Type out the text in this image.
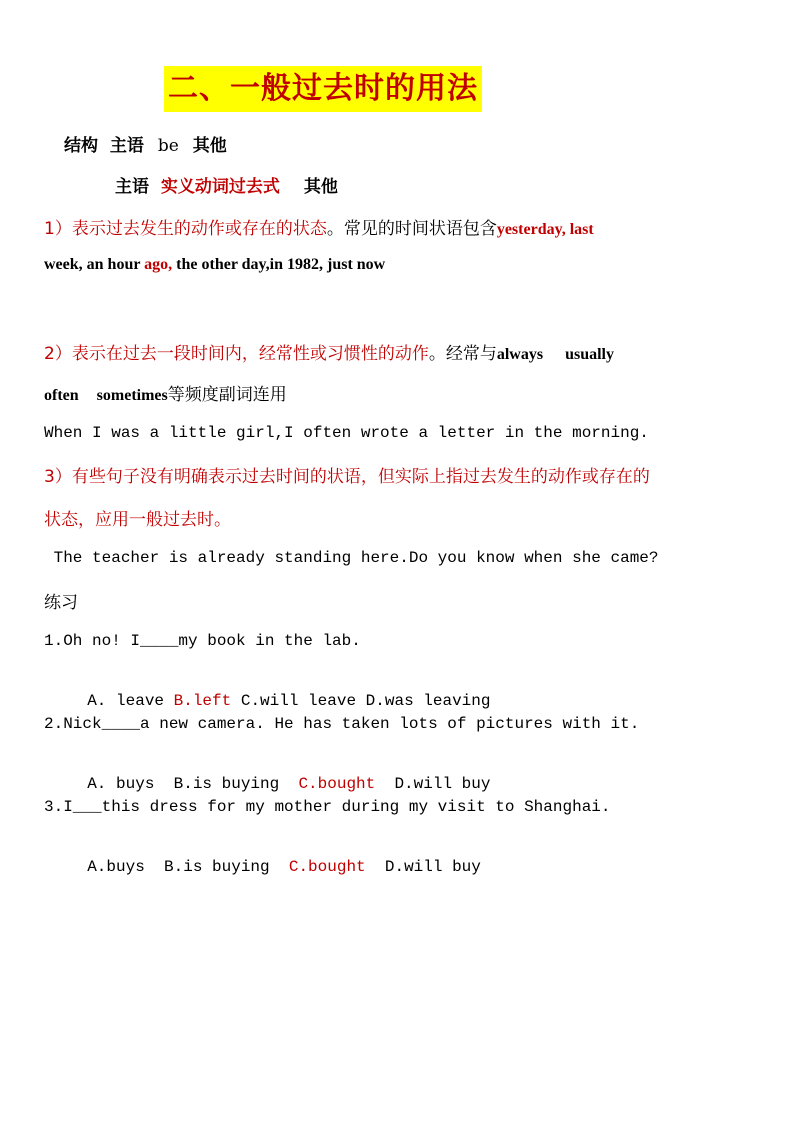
二、一般过去时的用法
结构 主语 be 其他
主语 实义动词过去式 其他
1）表示过去发生的动作或存在的状态。常见的时间状语包含yesterday, last
week, an hour ago, the other day,in 1982, just now
2）表示在过去一段时间内，经常性或习惯性的动作。经常与always usually
often sometimes等频度副词连用
When I was a little girl,I often wrote a letter in the morning.
3）有些句子没有明确表示过去时间的状语，但实际上指过去发生的动作或存在的
状态，应用一般过去时。
The teacher is already standing here.Do you know when she came?
练习
1.Oh no! I____my book in the lab.

A. leave B.left C.will leave D.was leaving

2.Nick____a new camera. He has taken lots of pictures with it.

A. buys  B.is buying  C.bought  D.will buy

3.I___this dress for my mother during my visit to Shanghai.

A.buys  B.is buying  C.bought  D.will buy
